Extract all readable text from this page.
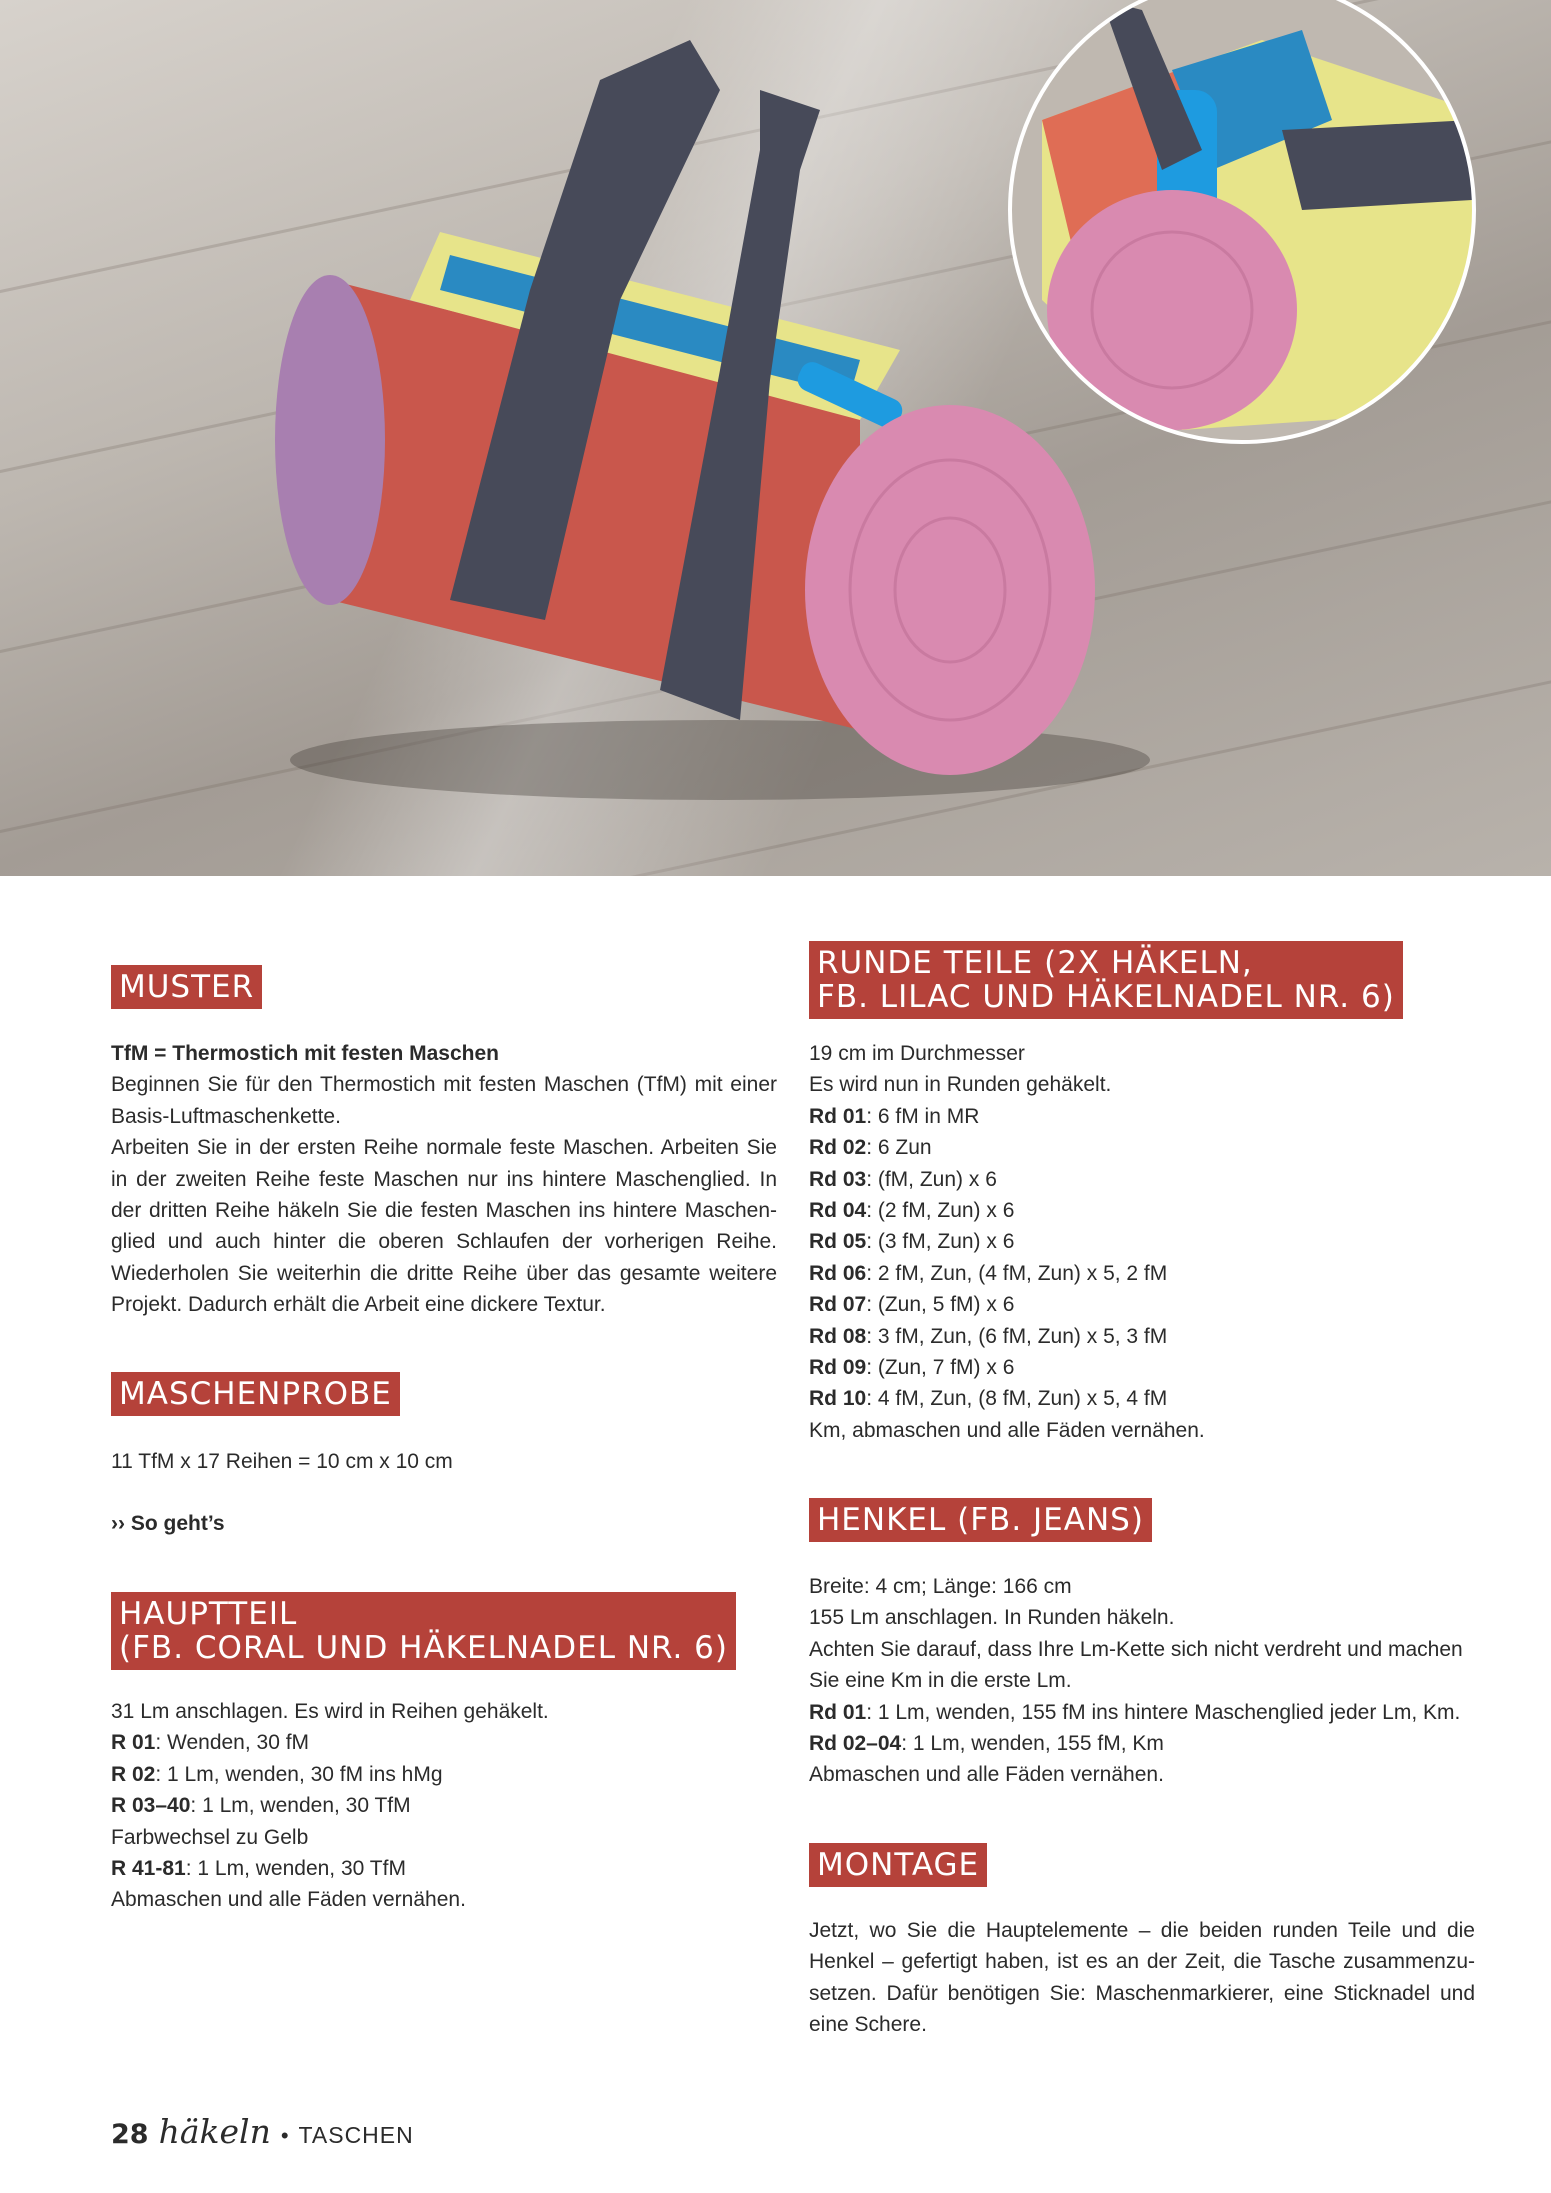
MUSTER

TfM = Thermostich mit festen Maschen

Beginnen Sie für den Thermostich mit festen Maschen (TfM) mit einer Basis-Luftmaschenkette.

Arbeiten Sie in der ersten Reihe normale feste Maschen. Arbeiten Sie in der zweiten Reihe feste Maschen nur ins hintere Maschenglied. In der dritten Reihe häkeln Sie die festen Maschen ins hintere Maschen-glied und auch hinter die oberen Schlaufen der vorherigen Reihe. Wiederholen Sie weiterhin die dritte Reihe über das gesamte weitere Projekt. Dadurch erhält die Arbeit eine dickere Textur.

MASCHENPROBE
11 TfM x 17 Reihen = 10 cm x 10 cm
›› So geht’s
HAUPTTEIL
(FB. CORAL UND HÄKELNADEL NR. 6)

31 Lm anschlagen. Es wird in Reihen gehäkelt.

R 01: Wenden, 30 fM

R 02: 1 Lm, wenden, 30 fM ins hMg

R 03–40: 1 Lm, wenden, 30 TfM

Farbwechsel zu Gelb

R 41-81: 1 Lm, wenden, 30 TfM

Abmaschen und alle Fäden vernähen.

RUNDE TEILE (2X HÄKELN,
FB. LILAC UND HÄKELNADEL NR. 6)

19 cm im Durchmesser

Es wird nun in Runden gehäkelt.

Rd 01: 6 fM in MR

Rd 02: 6 Zun

Rd 03: (fM, Zun) x 6

Rd 04: (2 fM, Zun) x 6

Rd 05: (3 fM, Zun) x 6

Rd 06: 2 fM, Zun, (4 fM, Zun) x 5, 2 fM

Rd 07: (Zun, 5 fM) x 6

Rd 08: 3 fM, Zun, (6 fM, Zun) x 5, 3 fM

Rd 09: (Zun, 7 fM) x 6

Rd 10: 4 fM, Zun, (8 fM, Zun) x 5, 4 fM

Km, abmaschen und alle Fäden vernähen.

HENKEL (FB. JEANS)

Breite: 4 cm; Länge: 166 cm

155 Lm anschlagen. In Runden häkeln.

Achten Sie darauf, dass Ihre Lm-Kette sich nicht verdreht und machen Sie eine Km in die erste Lm.

Rd 01: 1 Lm, wenden, 155 fM ins hintere Maschenglied jeder Lm, Km.

Rd 02–04: 1 Lm, wenden, 155 fM, Km

Abmaschen und alle Fäden vernähen.

MONTAGE
Jetzt, wo Sie die Hauptelemente – die beiden runden Teile und die Henkel – gefertigt haben, ist es an der Zeit, die Tasche zusammenzu-setzen. Dafür benötigen Sie: Maschenmarkierer, eine Sticknadel und eine Schere.
28 häkeln • TASCHEN
